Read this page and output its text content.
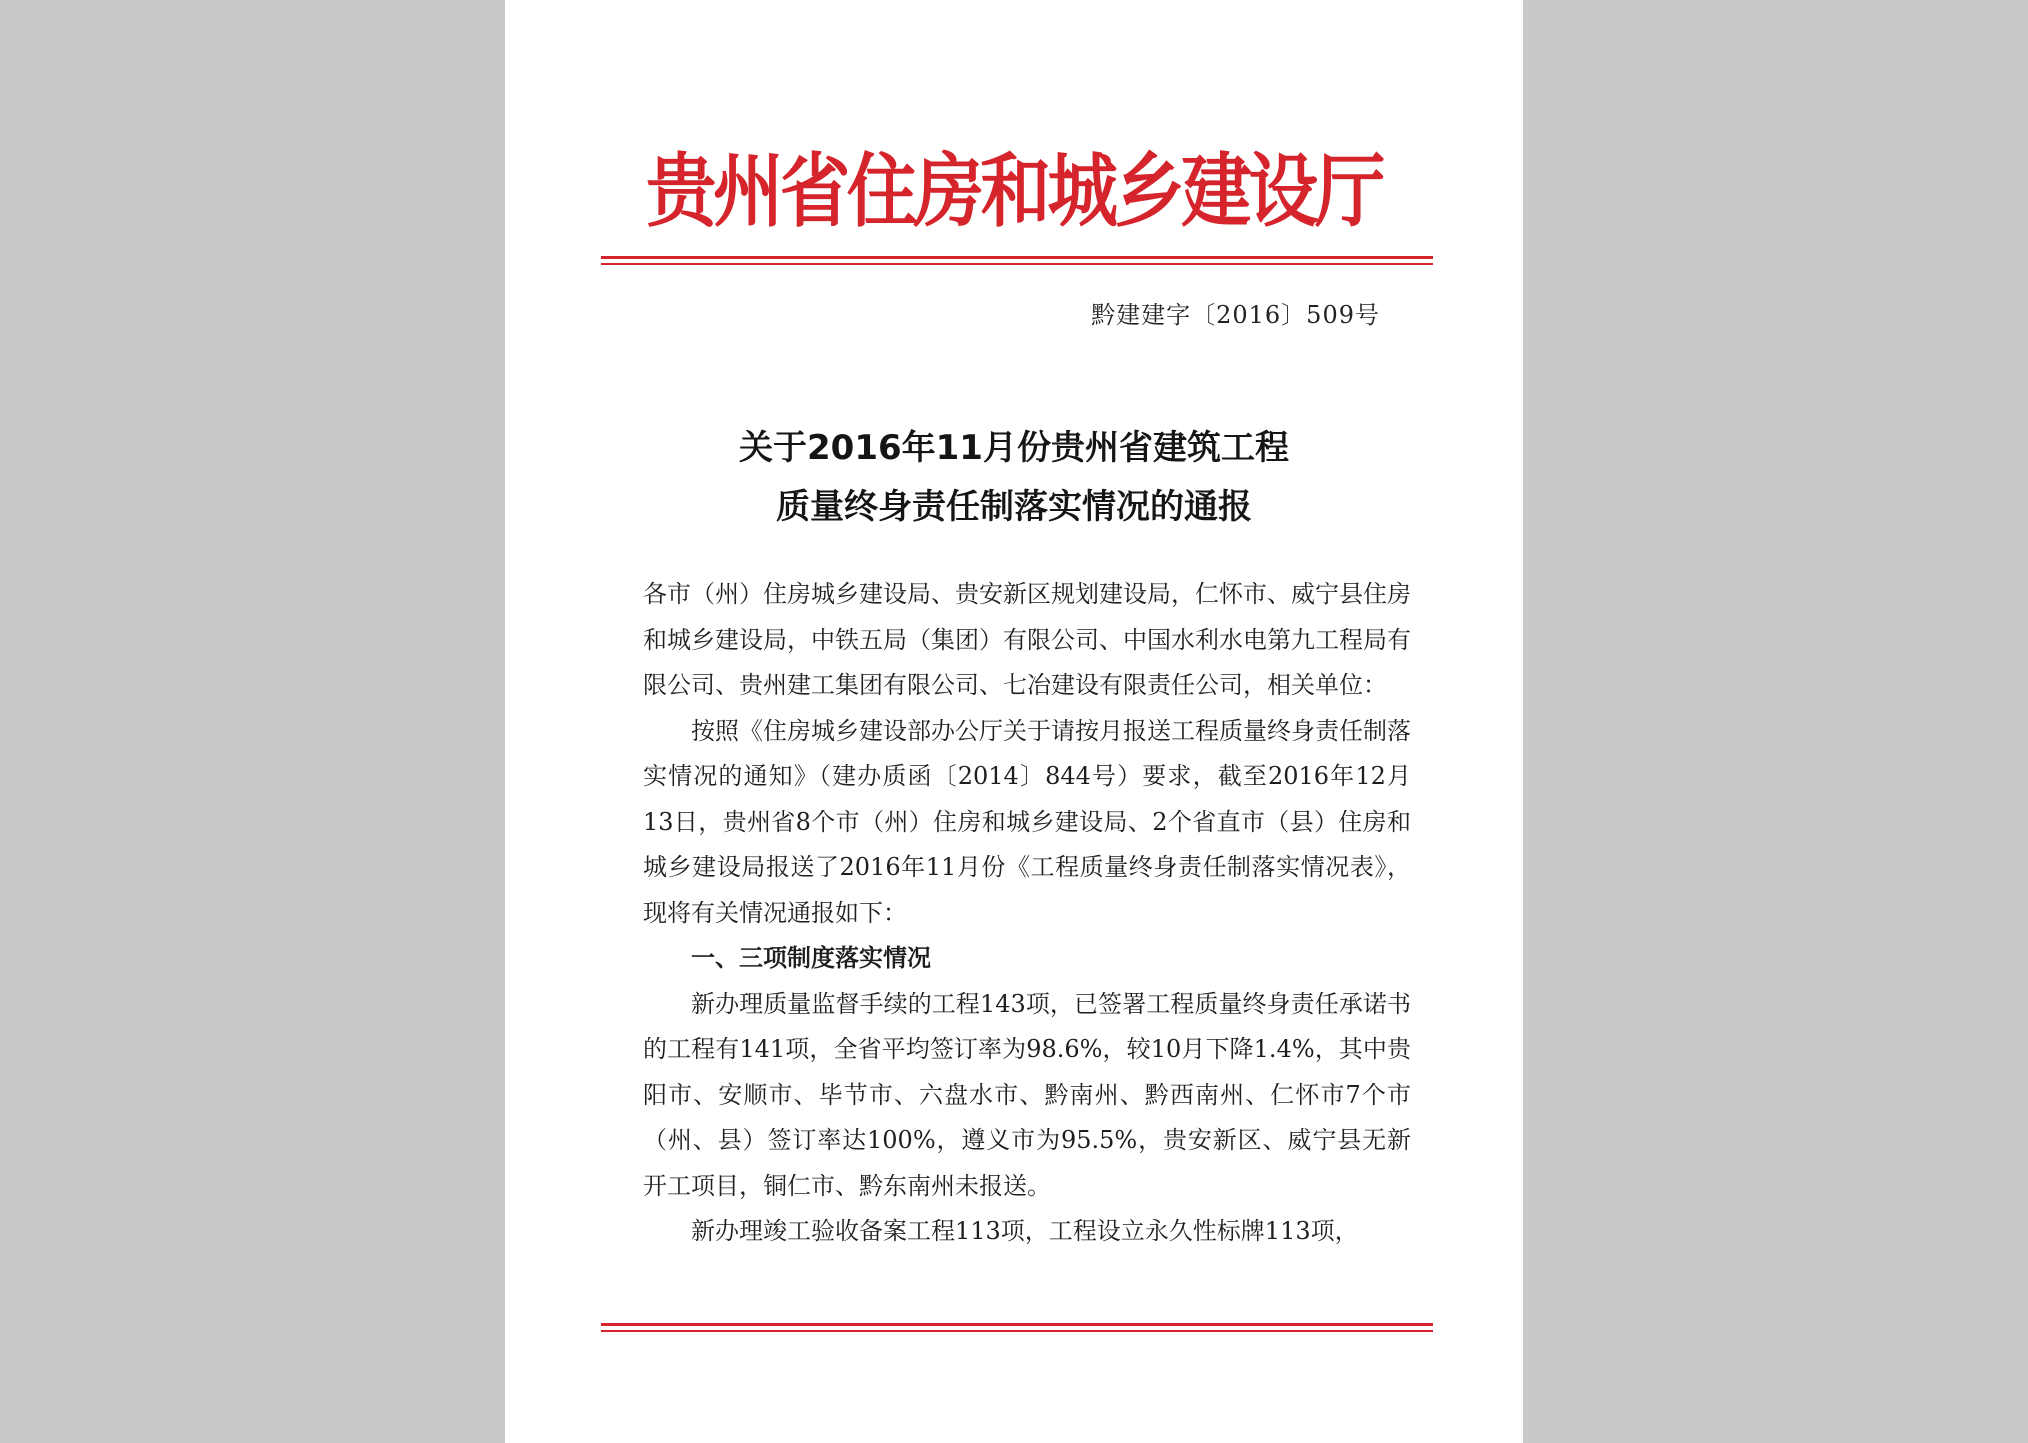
贵州省住房和城乡建设厅
黔建建字〔2016〕509号
关于2016年11月份贵州省建筑工程
质量终身责任制落实情况的通报

各市（州）住房城乡建设局、贵安新区规划建设局，仁怀市、威宁县住房和城乡建设局，中铁五局（集团）有限公司、中国水利水电第九工程局有限公司、贵州建工集团有限公司、七冶建设有限责任公司，相关单位：

按照《住房城乡建设部办公厅关于请按月报送工程质量终身责任制落实情况的通知》（建办质函〔2014〕844号）要求，截至2016年12月13日，贵州省8个市（州）住房和城乡建设局、2个省直市（县）住房和城乡建设局报送了2016年11月份《工程质量终身责任制落实情况表》，现将有关情况通报如下：

一、三项制度落实情况

新办理质量监督手续的工程143项，已签署工程质量终身责任承诺书的工程有141项，全省平均签订率为98.6%，较10月下降1.4%，其中贵阳市、安顺市、毕节市、六盘水市、黔南州、黔西南州、仁怀市7个市（州、县）签订率达100%，遵义市为95.5%，贵安新区、威宁县无新开工项目，铜仁市、黔东南州未报送。

新办理竣工验收备案工程113项，工程设立永久性标牌113项，
